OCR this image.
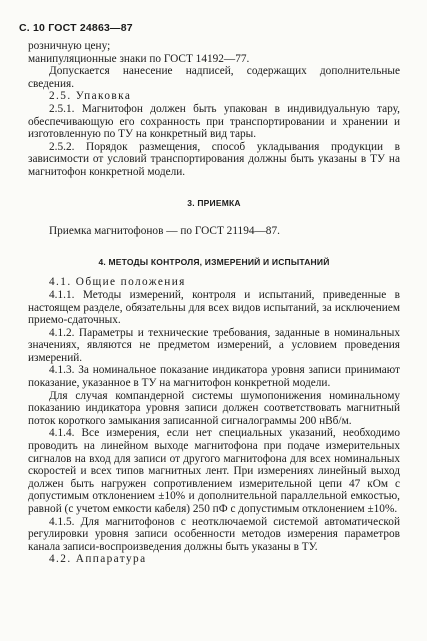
С. 10 ГОСТ 24863—87

розничную цену;

манипуляционные знаки по ГОСТ 14192—77.

Допускается нанесение надписей, содержащих дополнительные сведения.

2.5. Упаковка

2.5.1. Магнитофон должен быть упакован в индивидуальную тару, обеспечивающую его сохранность при транспортировании и хранении и изготовленную по ТУ на конкретный вид тары.

2.5.2. Порядок размещения, способ укладывания продукции в зависимости от условий транспортирования должны быть указаны в ТУ на магнитофон конкретной модели.

3. ПРИЕМКА

Приемка магнитофонов — по ГОСТ 21194—87.

4. МЕТОДЫ КОНТРОЛЯ, ИЗМЕРЕНИЙ И ИСПЫТАНИЙ

4.1. Общие положения

4.1.1. Методы измерений, контроля и испытаний, приведенные в настоящем разделе, обязательны для всех видов испытаний, за исключением приемо-сдаточных.

4.1.2. Параметры и технические требования, заданные в номинальных значениях, являются не предметом измерений, а условием проведения измерений.

4.1.3. За номинальное показание индикатора уровня записи принимают показание, указанное в ТУ на магнитофон конкретной модели.

Для случая компандерной системы шумопонижения номинальному показанию индикатора уровня записи должен соответствовать магнитный поток короткого замыкания записанной сигналограммы 200 нВб/м.

4.1.4. Все измерения, если нет специальных указаний, необходимо проводить на линейном выходе магнитофона при подаче измерительных сигналов на вход для записи от другого магнитофона для всех номинальных скоростей и всех типов магнитных лент. При измерениях линейный выход должен быть нагружен сопротивлением измерительной цепи 47 кОм с допустимым отклонением ±10% и дополнительной параллельной емкостью, равной (с учетом емкости кабеля) 250 пФ с допустимым отклонением ±10%.

4.1.5. Для магнитофонов с неотключаемой системой автоматической регулировки уровня записи особенности методов измерения параметров канала записи-воспроизведения должны быть указаны в ТУ.

4.2. Аппаратура
